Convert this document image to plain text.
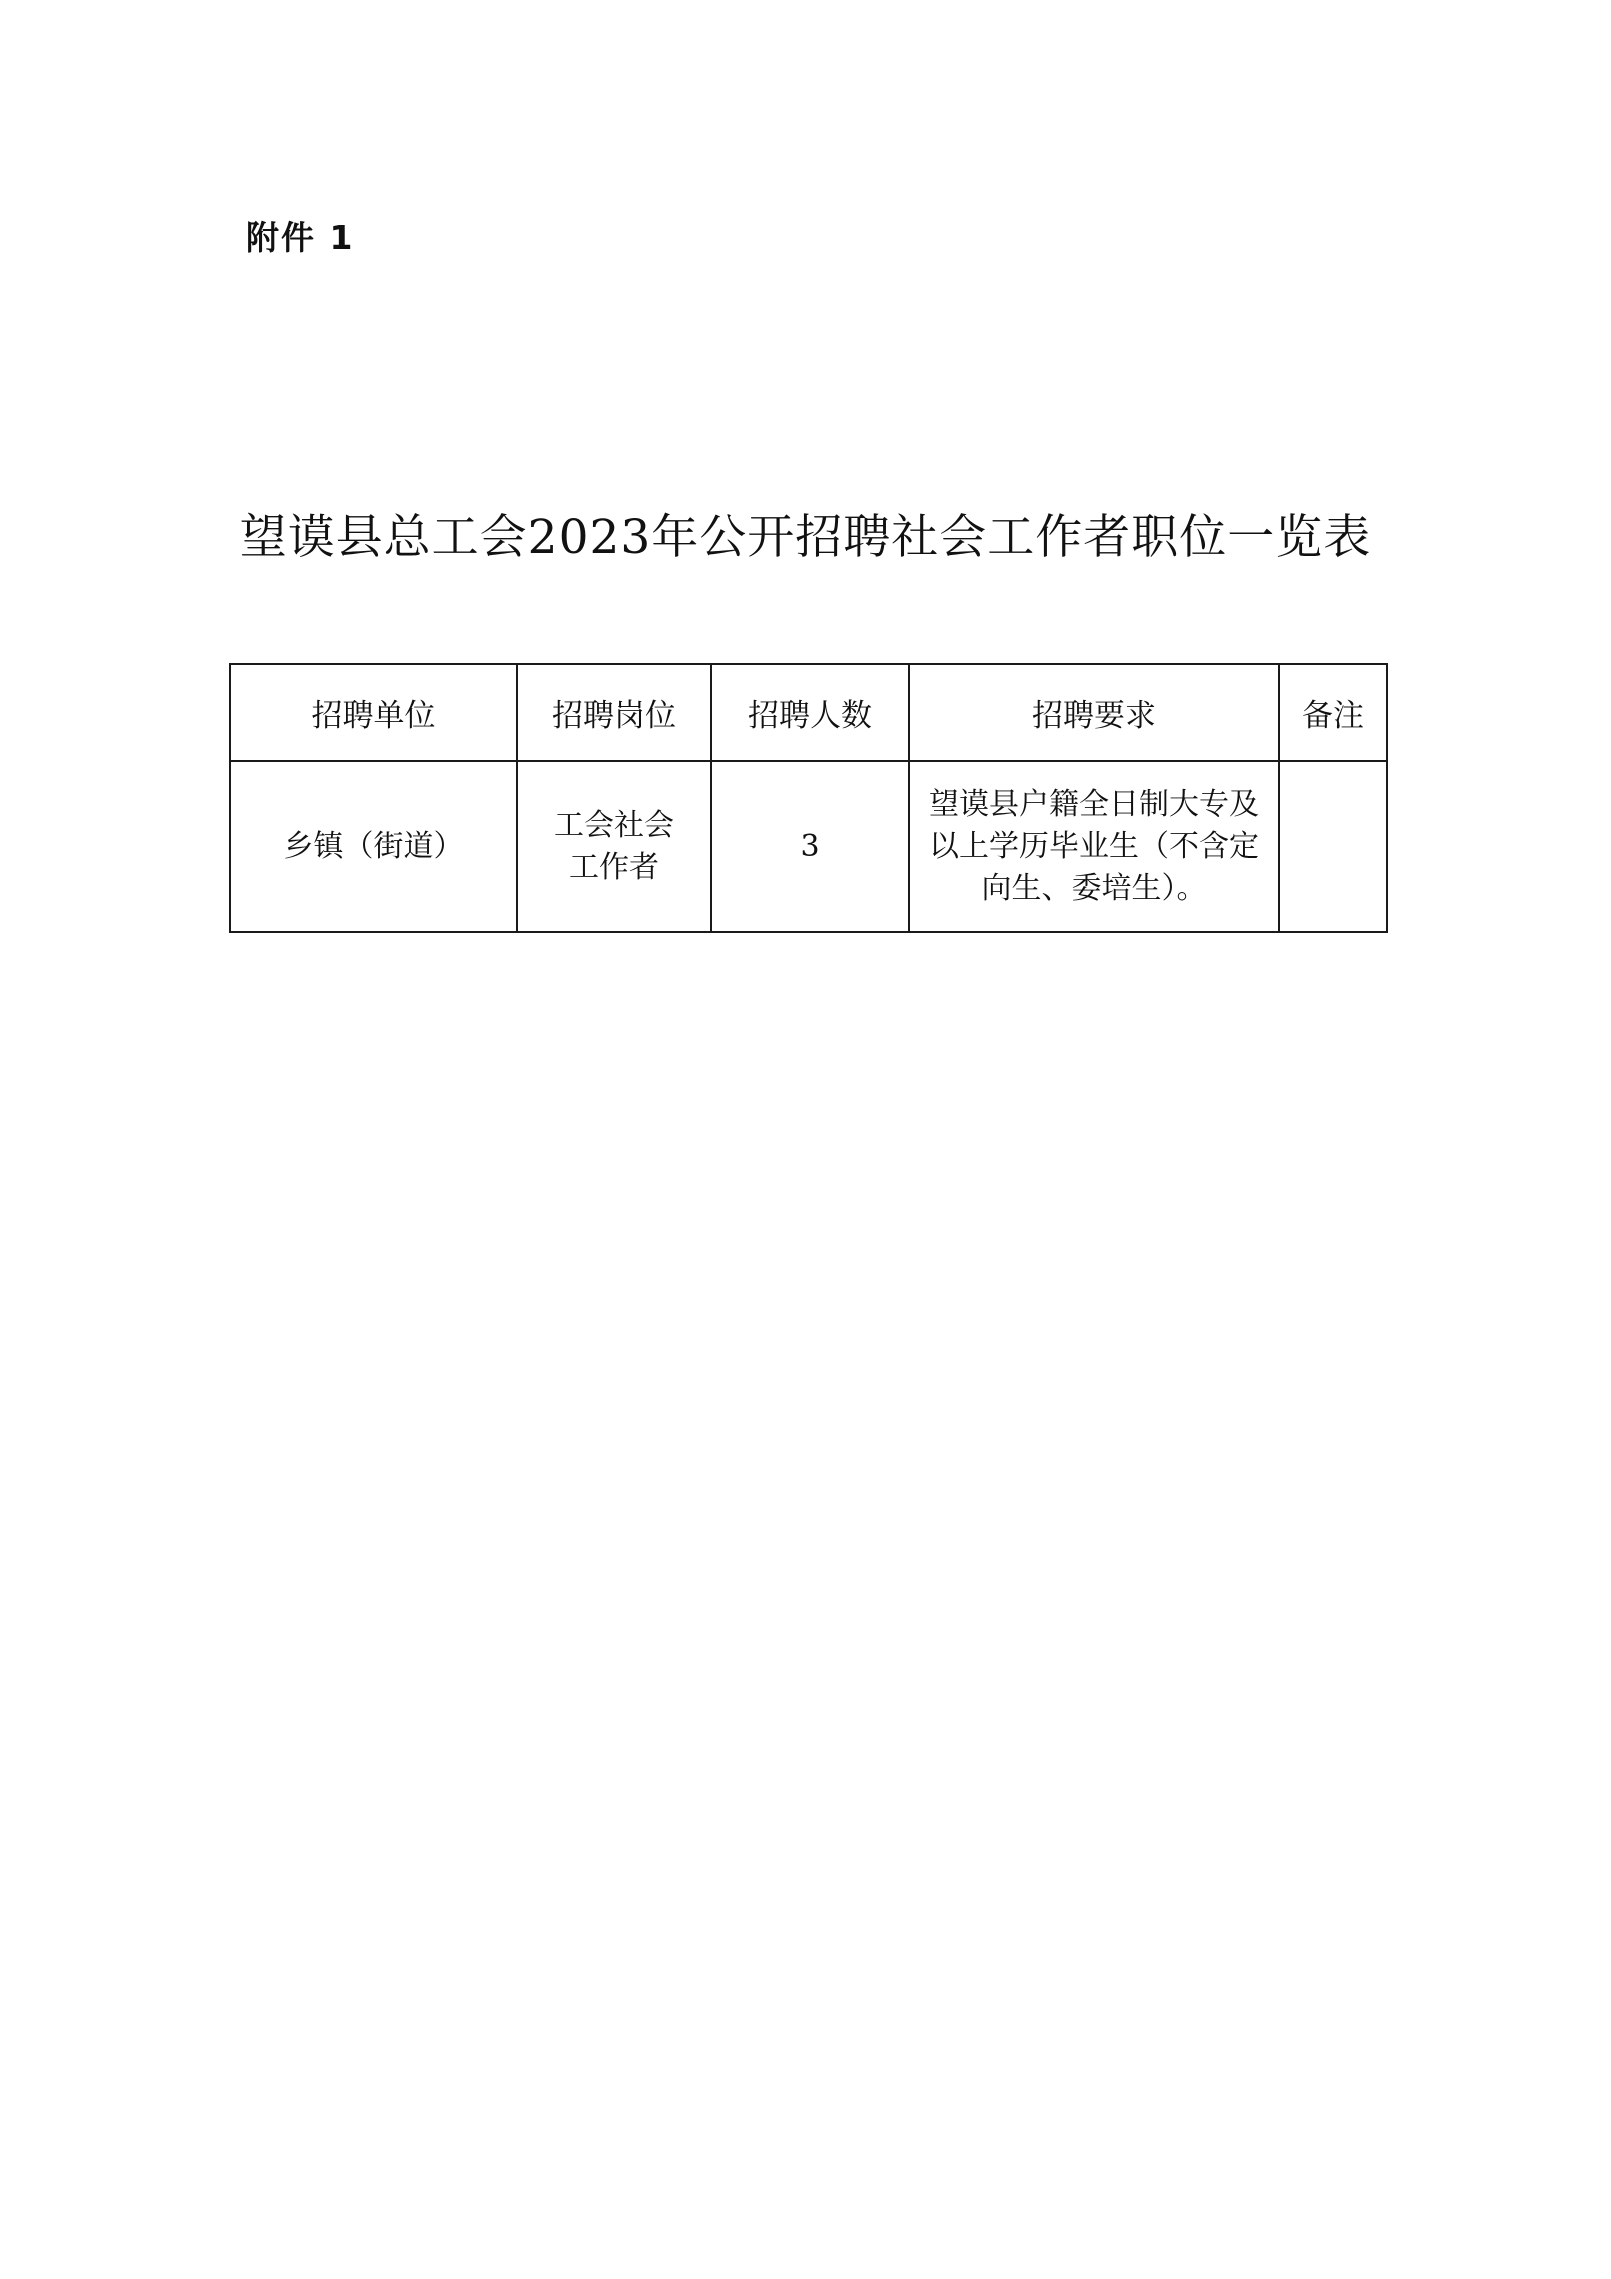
附件 1
望谟县总工会2023年公开招聘社会工作者职位一览表
招聘单位	招聘岗位	招聘人数	招聘要求	备注

乡镇（街道）	工会社会工作者	3	望谟县户籍全日制大专及以上学历毕业生（不含定向生、委培生）。	
